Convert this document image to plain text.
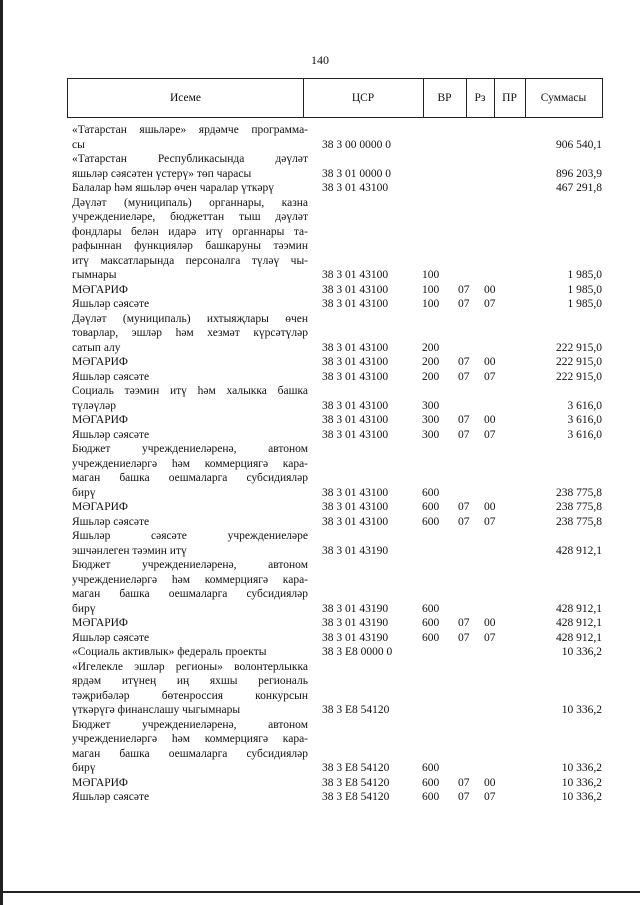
140
Исеме	ЦСР	ВР	Рз	ПР	Суммасы
«Татарстан яшьләре» ярдәмче программа-
сы	38 3 00 0000 0	906 540,1
«Татарстан Республикасында дәүләт
яшьләр сәясәтен үстерү» төп чарасы	38 3 01 0000 0	896 203,9
Балалар һәм яшьләр өчен чаралар үткәрү	38 3 01 43100	467 291,8
Дәүләт (муниципаль) органнары, казна
учреждениеләре, бюджеттан тыш дәүләт
фондлары белән идарә итү органнары та-
рафыннан функцияләр башкаруны тәэмин
итү максатларында персоналга түләү чы-
гымнары	38 3 01 43100	100	1 985,0
МӘГАРИФ	38 3 01 43100	100 07 00	1 985,0
Яшьләр сәясәте	38 3 01 43100	100 07 07	1 985,0
Дәүләт (муниципаль) ихтыяҗлары өчен
товарлар, эшләр һәм хезмәт күрсәтүләр
сатып алу	38 3 01 43100	200	222 915,0
МӘГАРИФ	38 3 01 43100	200 07 00	222 915,0
Яшьләр сәясәте	38 3 01 43100	200 07 07	222 915,0
Социаль тәэмин итү һәм халыкка башка
түләүләр	38 3 01 43100	300	3 616,0
МӘГАРИФ	38 3 01 43100	300 07 00	3 616,0
Яшьләр сәясәте	38 3 01 43100	300 07 07	3 616,0
Бюджет учреждениеләренә, автоном
учреждениеләргә һәм коммерциягә кара-
маган башка оешмаларга субсидияләр
бирү	38 3 01 43100	600	238 775,8
МӘГАРИФ	38 3 01 43100	600 07 00	238 775,8
Яшьләр сәясәте	38 3 01 43100	600 07 07	238 775,8
Яшьләр сәясәте учреждениеләре
эшчәнлеген тәэмин итү	38 3 01 43190	428 912,1
Бюджет учреждениеләренә, автоном
учреждениеләргә һәм коммерциягә кара-
маган башка оешмаларга субсидияләр
бирү	38 3 01 43190	600	428 912,1
МӘГАРИФ	38 3 01 43190	600 07 00	428 912,1
Яшьләр сәясәте	38 3 01 43190	600 07 07	428 912,1
«Социаль активлык» федераль проекты	38 3 E8 0000 0	10 336,2
«Игелекле эшләр регионы» волонтерлыкка
ярдәм итүнең иң яхшы региональ
тәҗрибәләр бөтенроссия конкурсын
үткәрүгә финанслашу чыгымнары	38 3 E8 54120	10 336,2
Бюджет учреждениеләренә, автоном
учреждениеләргә һәм коммерциягә кара-
маган башка оешмаларга субсидияләр
бирү	38 3 E8 54120	600	10 336,2
МӘГАРИФ	38 3 E8 54120	600 07 00	10 336,2
Яшьләр сәясәте	38 3 E8 54120	600 07 07	10 336,2
